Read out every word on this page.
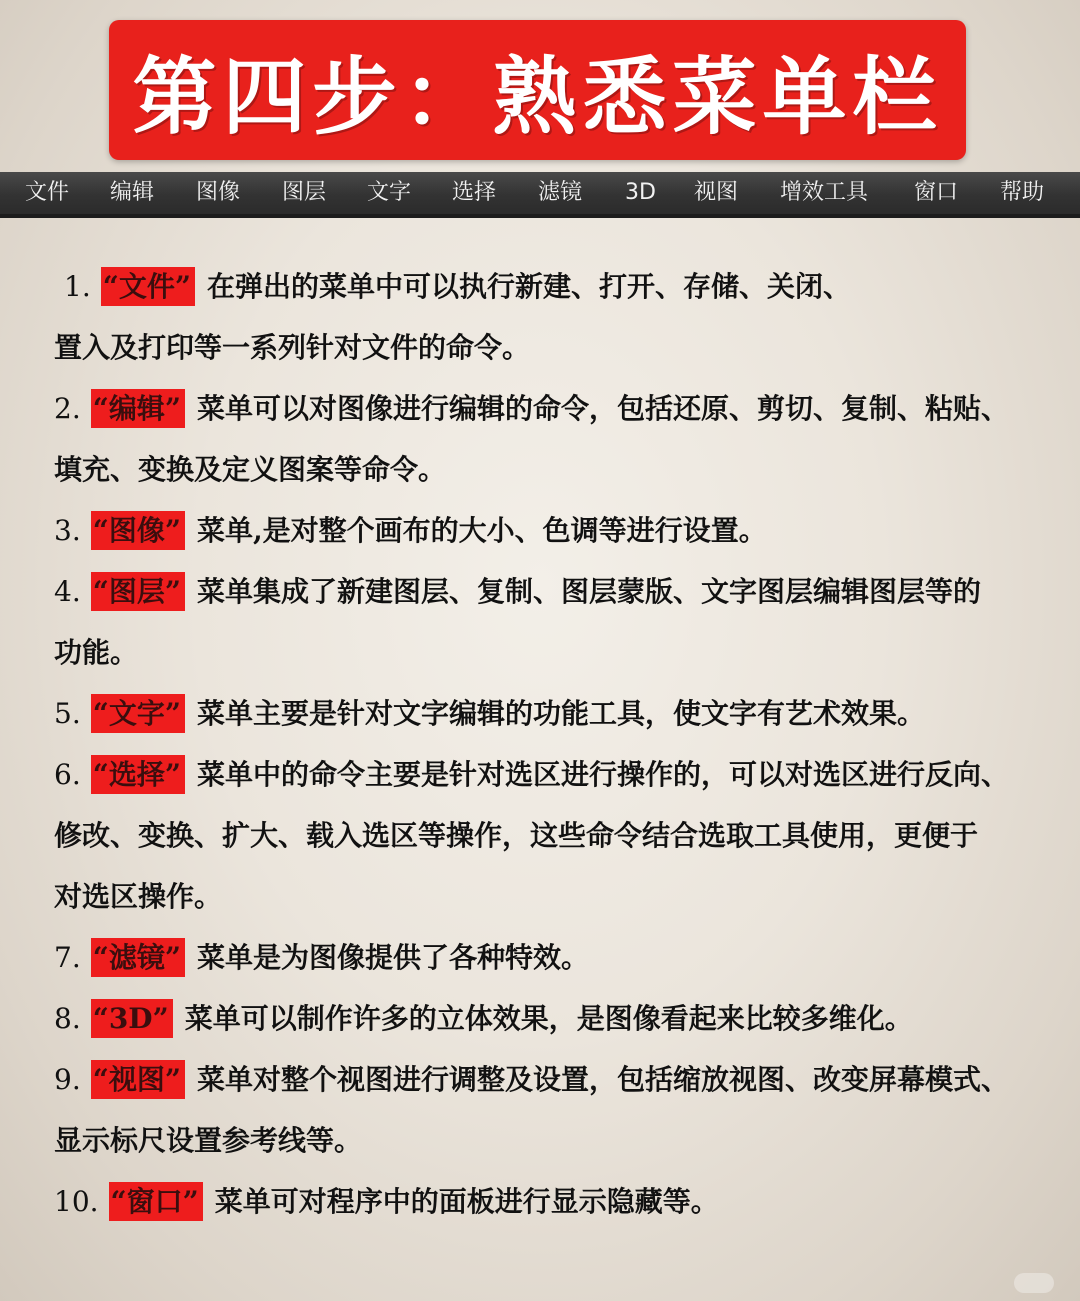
第四步：熟悉菜单栏
文件 编辑 图像 图层 文字 选择 滤镜 3D 视图 增效工具 窗口 帮助
1. “文件” 在弹出的菜单中可以执行新建、打开、存储、关闭、
置入及打印等一系列针对文件的命令。
2. “编辑” 菜单可以对图像进行编辑的命令，包括还原、剪切、复制、粘贴、
填充、变换及定义图案等命令。
3. “图像” 菜单,是对整个画布的大小、色调等进行设置。
4. “图层” 菜单集成了新建图层、复制、图层蒙版、文字图层编辑图层等的
功能。
5. “文字” 菜单主要是针对文字编辑的功能工具，使文字有艺术效果。
6. “选择” 菜单中的命令主要是针对选区进行操作的，可以对选区进行反向、
修改、变换、扩大、载入选区等操作，这些命令结合选取工具使用，更便于
对选区操作。
7. “滤镜” 菜单是为图像提供了各种特效。
8. “3D” 菜单可以制作许多的立体效果，是图像看起来比较多维化。
9. “视图” 菜单对整个视图进行调整及设置，包括缩放视图、改变屏幕模式、
显示标尺设置参考线等。
10. “窗口” 菜单可对程序中的面板进行显示隐藏等。
